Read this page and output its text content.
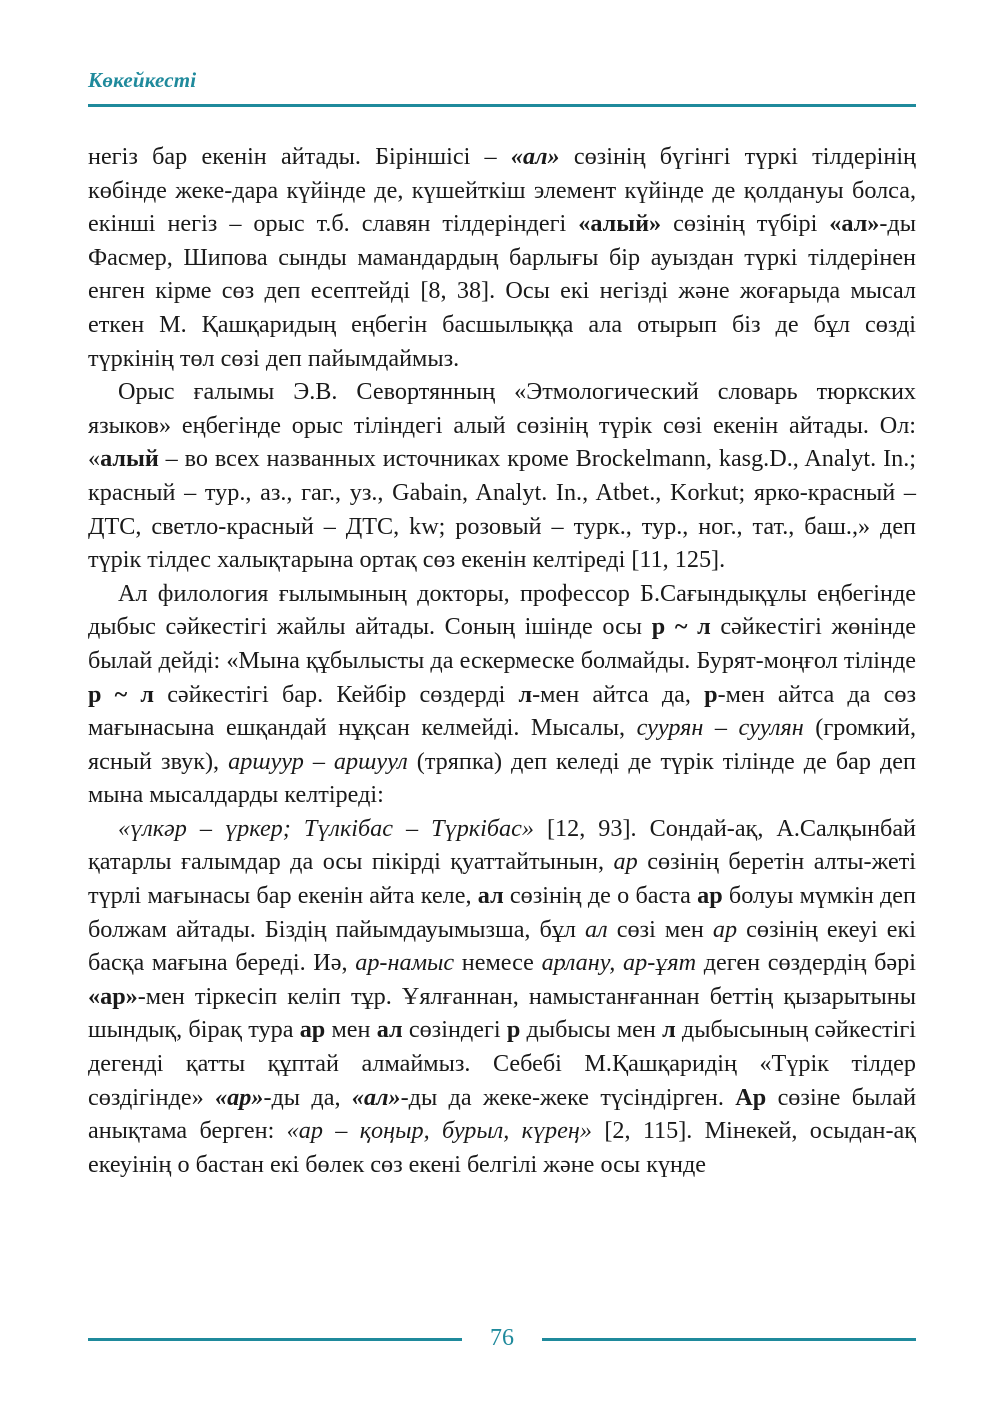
Көкейкесті

негіз бар екенін айтады. Біріншісі – «ал» сөзінің бүгінгі түркі тілдерінің көбінде жеке-дара күйінде де, күшейткіш элемент күйінде де қолдануы болса, екінші негіз – орыс т.б. славян тілдеріндегі «алый» сөзінің түбірі «ал»-ды Фасмер, Шипова сынды мамандардың барлығы бір ауыздан түркі тілдерінен енген кірме сөз деп есептейді [8, 38]. Осы екі негізді және жоғарыда мысал еткен М. Қашқаридың еңбегін басшылыққа ала отырып біз де бұл сөзді түркінің төл сөзі деп пайымдаймыз.

Орыс ғалымы Э.В. Севортянның «Этмологический словарь тюркских языков» еңбегінде орыс тіліндегі алый сөзінің түрік сөзі екенін айтады. Ол: «алый – во всех названных источниках кроме Brockelmann, kasg.D., Analyt. In.; красный – тур., аз., гаг., уз., Gabain, Analyt. In., Atbet., Korkut; ярко-красный – ДТС, светло-красный – ДТС, kw; розовый – турк., тур., ног., тат., баш.,» деп түрік тілдес халықтарына ортақ сөз екенін келтіреді [11, 125].

Ал филология ғылымының докторы, профессор Б.Сағындықұлы еңбегінде дыбыс сәйкестігі жайлы айтады. Соның ішінде осы р ~ л сәйкестігі жөнінде былай дейді: «Мына құбылысты да ескермеске болмайды. Бурят-моңғол тілінде р ~ л сәйкестігі бар. Кейбір сөздерді л-мен айтса да, р-мен айтса да сөз мағынасына ешқандай нұқсан келмейді. Мысалы, суурян – суулян (громкий, ясный звук), аршуур – аршуул (тряпка) деп келеді де түрік тілінде де бар деп мына мысалдарды келтіреді:

«үлкәр – үркер; Түлкібас – Түркібас» [12, 93]. Сондай-ақ, А.Салқынбай қатарлы ғалымдар да осы пікірді қуаттайтынын, ар сөзінің беретін алты-жеті түрлі мағынасы бар екенін айта келе, ал сөзінің де о баста ар болуы мүмкін деп болжам айтады. Біздің пайымдауымызша, бұл ал сөзі мен ар сөзінің екеуі екі басқа мағына береді. Иә, ар-намыс немесе арлану, ар-ұят деген сөздердің бәрі «ар»-мен тіркесіп келіп тұр. Ұялғаннан, намыстанғаннан беттің қызарытыны шындық, бірақ тура ар мен ал сөзіндегі р дыбысы мен л дыбысының сәйкестігі дегенді қатты құптай алмаймыз. Себебі М.Қашқаридің «Түрік тілдер сөздігінде» «ар»-ды да, «ал»-ды да жеке-жеке түсіндірген. Ар сөзіне былай анықтама берген: «ар – қоңыр, бурыл, күрең» [2, 115]. Мінекей, осыдан-ақ екеуінің о бастан екі бөлек сөз екені белгілі және осы күнде

76
